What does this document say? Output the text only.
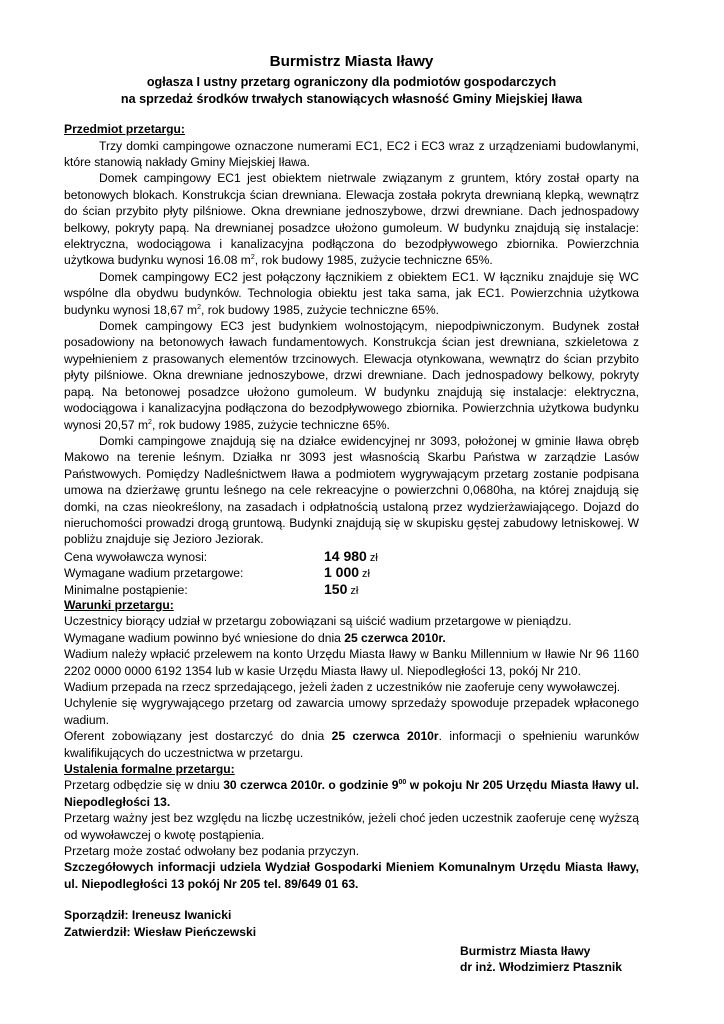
Burmistrz Miasta Iławy
ogłasza I ustny przetarg ograniczony dla podmiotów gospodarczych
na sprzedaż środków trwałych stanowiących własność Gminy Miejskiej Iława
Przedmiot przetargu:

Trzy domki campingowe oznaczone numerami EC1, EC2 i EC3 wraz z urządzeniami budowlanymi, które stanowią nakłady Gminy Miejskiej Iława.

Domek campingowy EC1 jest obiektem nietrwale związanym z gruntem, który został oparty na betonowych blokach. Konstrukcja ścian drewniana. Elewacja została pokryta drewnianą klepką, wewnątrz do ścian przybito płyty pilśniowe. Okna drewniane jednoszybowe, drzwi drewniane. Dach jednospadowy belkowy, pokryty papą. Na drewnianej posadzce ułożono gumoleum. W budynku znajdują się instalacje: elektryczna, wodociągowa i kanalizacyjna podłączona do bezodpływowego zbiornika. Powierzchnia użytkowa budynku wynosi 16.08 $m^2$, rok budowy 1985, zużycie techniczne 65%.

Domek campingowy EC2 jest połączony łącznikiem z obiektem EC1. W łączniku znajduje się WC wspólne dla obydwu budynków. Technologia obiektu jest taka sama, jak EC1. Powierzchnia użytkowa budynku wynosi 18,67 $m^2$, rok budowy 1985, zużycie techniczne 65%.

Domek campingowy EC3 jest budynkiem wolnostojącym, niepodpiwniczonym. Budynek został posadowiony na betonowych ławach fundamentowych. Konstrukcja ścian jest drewniana, szkieletowa z wypełnieniem z prasowanych elementów trzcinowych. Elewacja otynkowana, wewnątrz do ścian przybito płyty pilśniowe. Okna drewniane jednoszybowe, drzwi drewniane. Dach jednospadowy belkowy, pokryty papą. Na betonowej posadzce ułożono gumoleum. W budynku znajdują się instalacje: elektryczna, wodociągowa i kanalizacyjna podłączona do bezodpływowego zbiornika. Powierzchnia użytkowa budynku wynosi 20,57 $m^2$, rok budowy 1985, zużycie techniczne 65%.

Domki campingowe znajdują się na działce ewidencyjnej nr 3093, położonej w gminie Iława obręb Makowo na terenie leśnym. Działka nr 3093 jest własnością Skarbu Państwa w zarządzie Lasów Państwowych. Pomiędzy Nadleśnictwem Iława a podmiotem wygrywającym przetarg zostanie podpisana umowa na dzierżawę gruntu leśnego na cele rekreacyjne o powierzchni 0,0680ha, na której znajdują się domki, na czas nieokreślony, na zasadach i odpłatnością ustaloną przez wydzierżawiającego. Dojazd do nieruchomości prowadzi drogą gruntową. Budynki znajdują się w skupisku gęstej zabudowy letniskowej. W pobliżu znajduje się Jezioro Jeziorak.

Cena wywoławcza wynosi:	14 980 zł
Wymagane wadium przetargowe:	1 000 zł
Minimalne postąpienie:	150 zł
Warunki przetargu:

Uczestnicy biorący udział w przetargu zobowiązani są uiścić wadium przetargowe w pieniądzu.

Wymagane wadium powinno być wniesione do dnia 25 czerwca 2010r.

Wadium należy wpłacić przelewem na konto Urzędu Miasta Iławy w Banku Millennium w Iławie Nr 96 1160 2202 0000 0000 6192 1354 lub w kasie Urzędu Miasta Iławy ul. Niepodległości 13, pokój Nr 210.

Wadium przepada na rzecz sprzedającego, jeżeli żaden z uczestników nie zaoferuje ceny wywoławczej.

Uchylenie się wygrywającego przetarg od zawarcia umowy sprzedaży spowoduje przepadek wpłaconego wadium.

Oferent zobowiązany jest dostarczyć do dnia 25 czerwca 2010r. informacji o spełnieniu warunków kwalifikujących do uczestnictwa w przetargu.

Ustalenia formalne przetargu:

Przetarg odbędzie się w dniu 30 czerwca 2010r. o godzinie $9^{00}$ w pokoju Nr 205 Urzędu Miasta Iławy ul. Niepodległości 13.

Przetarg ważny jest bez względu na liczbę uczestników, jeżeli choć jeden uczestnik zaoferuje cenę wyższą od wywoławczej o kwotę postąpienia.

Przetarg może zostać odwołany bez podania przyczyn.

Szczegółowych informacji udziela Wydział Gospodarki Mieniem Komunalnym Urzędu Miasta Iławy, ul. Niepodległości 13 pokój Nr 205 tel. 89/649 01 63.

Sporządził: Ireneusz Iwanicki
Zatwierdził: Wiesław Pieńczewski
Burmistrz Miasta Iławy
dr inż. Włodzimierz Ptasznik
